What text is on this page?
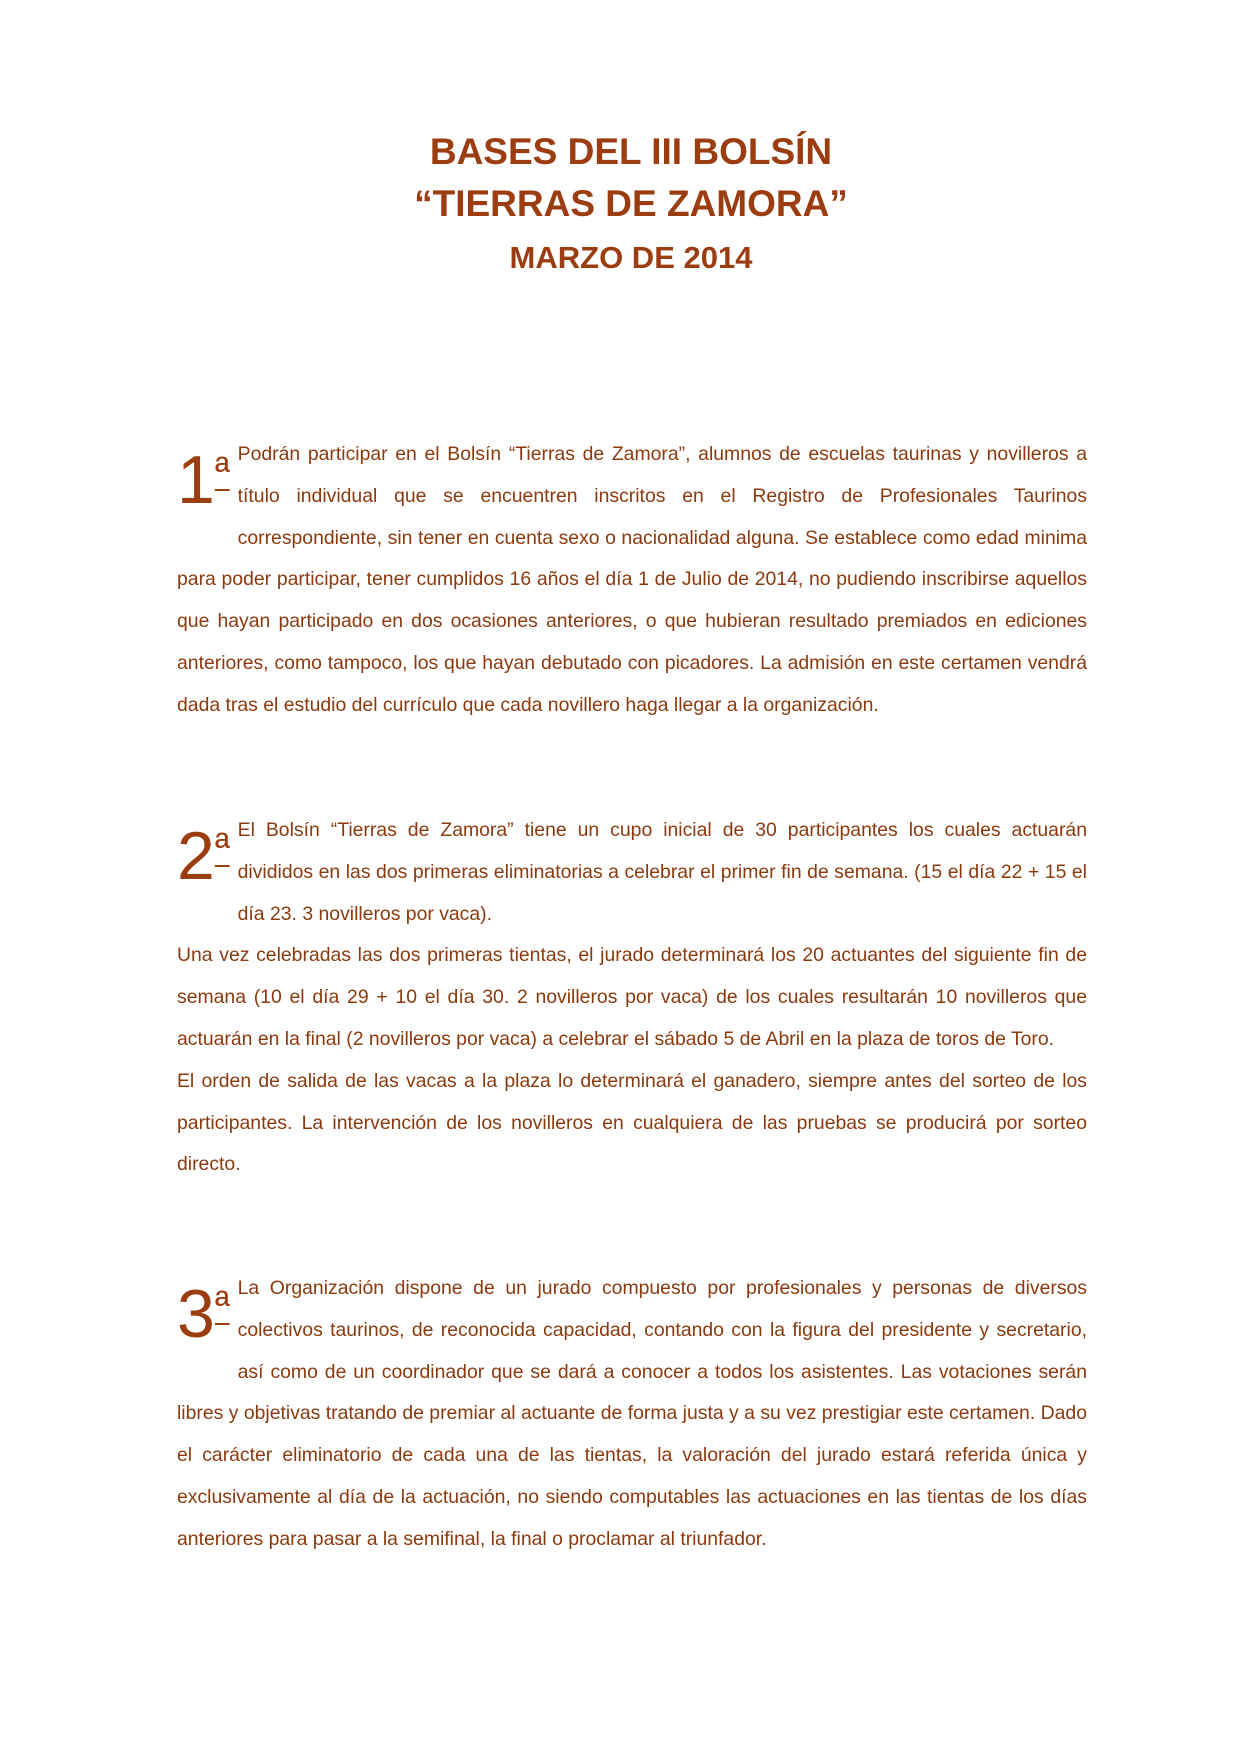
BASES DEL III BOLSÍN
“TIERRAS DE ZAMORA”
MARZO DE 2014
$1^ª$ Podrán participar en el Bolsín “Tierras de Zamora”, alumnos de escuelas taurinas y novilleros a título individual que se encuentren inscritos en el Registro de Profesionales Taurinos correspondiente, sin tener en cuenta sexo o nacionalidad alguna. Se establece como edad minima para poder participar, tener cumplidos 16 años el día 1 de Julio de 2014, no pudiendo inscribirse aquellos que hayan participado en dos ocasiones anteriores, o que hubieran resultado premiados en ediciones anteriores, como tampoco, los que hayan debutado con picadores. La admisión en este certamen vendrá dada tras el estudio del currículo que cada novillero haga llegar a la organización.

$2^ª$ El Bolsín “Tierras de Zamora” tiene un cupo inicial de 30 participantes los cuales actuarán divididos en las dos primeras eliminatorias a celebrar el primer fin de semana. (15 el día 22 + 15 el día 23. 3 novilleros por vaca).

Una vez celebradas las dos primeras tientas, el jurado determinará los 20 actuantes del siguiente fin de semana (10 el día 29 + 10 el día 30. 2 novilleros por vaca) de los cuales resultarán 10 novilleros que actuarán en la final (2 novilleros por vaca) a celebrar el sábado 5 de Abril en la plaza de toros de Toro.

El orden de salida de las vacas a la plaza lo determinará el ganadero, siempre antes del sorteo de los participantes. La intervención de los novilleros en cualquiera de las pruebas se producirá por sorteo directo.

$3^ª$ La Organización dispone de un jurado compuesto por profesionales y personas de diversos colectivos taurinos, de reconocida capacidad, contando con la figura del presidente y secretario, así como de un coordinador que se dará a conocer a todos los asistentes. Las votaciones serán libres y objetivas tratando de premiar al actuante de forma justa y a su vez prestigiar este certamen. Dado el carácter eliminatorio de cada una de las tientas, la valoración del jurado estará referida única y exclusivamente al día de la actuación, no siendo computables las actuaciones en las tientas de los días anteriores para pasar a la semifinal, la final o proclamar al triunfador.
